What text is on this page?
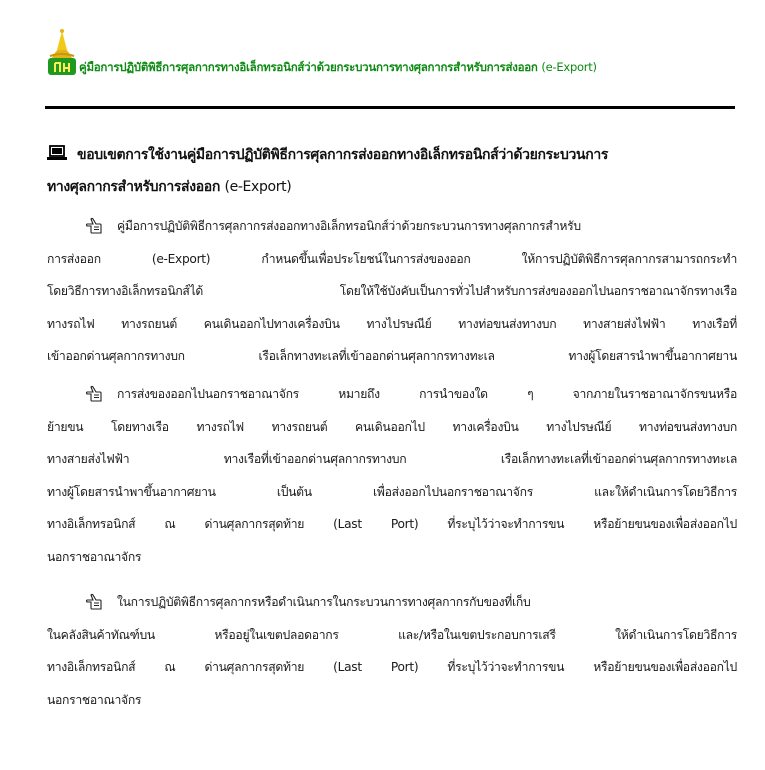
คู่มือการปฏิบัติพิธีการศุลกากรทางอิเล็กทรอนิกส์ว่าด้วยกระบวนการทางศุลกากรสำหรับการส่งออก (e-Export)
ขอบเขตการใช้งานคู่มือการปฏิบัติพิธีการศุลกากรส่งออกทางอิเล็กทรอนิกส์ว่าด้วยกระบวนการ
ทางศุลกากรสำหรับการส่งออก (e-Export)
คู่มือการปฏิบัติพิธีการศุลกากรส่งออกทางอิเล็กทรอนิกส์ว่าด้วยกระบวนการทางศุลกากรสำหรับ
การส่งออก (e-Export) กำหนดขึ้นเพื่อประโยชน์ในการส่งของออก ให้การปฏิบัติพิธีการศุลกากรสามารถกระทำ
โดยวิธีการทางอิเล็กทรอนิกส์ได้ โดยให้ใช้บังคับเป็นการทั่วไปสำหรับการส่งของออกไปนอกราชอาณาจักรทางเรือ
ทางรถไฟ ทางรถยนต์ คนเดินออกไปทางเครื่องบิน ทางไปรษณีย์ ทางท่อขนส่งทางบก ทางสายส่งไฟฟ้า ทางเรือที่
เข้าออกด่านศุลกากรทางบก เรือเล็กทางทะเลที่เข้าออกด่านศุลกากรทางทะเล ทางผู้โดยสารนำพาขึ้นอากาศยาน
การส่งของออกไปนอกราชอาณาจักร หมายถึง การนำของใด ๆ จากภายในราชอาณาจักรขนหรือ
ย้ายขน โดยทางเรือ ทางรถไฟ ทางรถยนต์ คนเดินออกไป ทางเครื่องบิน ทางไปรษณีย์ ทางท่อขนส่งทางบก
ทางสายส่งไฟฟ้า ทางเรือที่เข้าออกด่านศุลกากรทางบก เรือเล็กทางทะเลที่เข้าออกด่านศุลกากรทางทะเล
ทางผู้โดยสารนำพาขึ้นอากาศยาน เป็นต้น เพื่อส่งออกไปนอกราชอาณาจักร และให้ดำเนินการโดยวิธีการ
ทางอิเล็กทรอนิกส์ ณ ด่านศุลกากรสุดท้าย (Last Port) ที่ระบุไว้ว่าจะทำการขน หรือย้ายขนของเพื่อส่งออกไป
นอกราชอาณาจักร
ในการปฏิบัติพิธีการศุลกากรหรือดำเนินการในกระบวนการทางศุลกากรกับของที่เก็บ
ในคลังสินค้าทัณฑ์บน หรืออยู่ในเขตปลอดอากร และ/หรือในเขตประกอบการเสรี ให้ดำเนินการโดยวิธีการ
ทางอิเล็กทรอนิกส์ ณ ด่านศุลกากรสุดท้าย (Last Port) ที่ระบุไว้ว่าจะทำการขน หรือย้ายขนของเพื่อส่งออกไป
นอกราชอาณาจักร
